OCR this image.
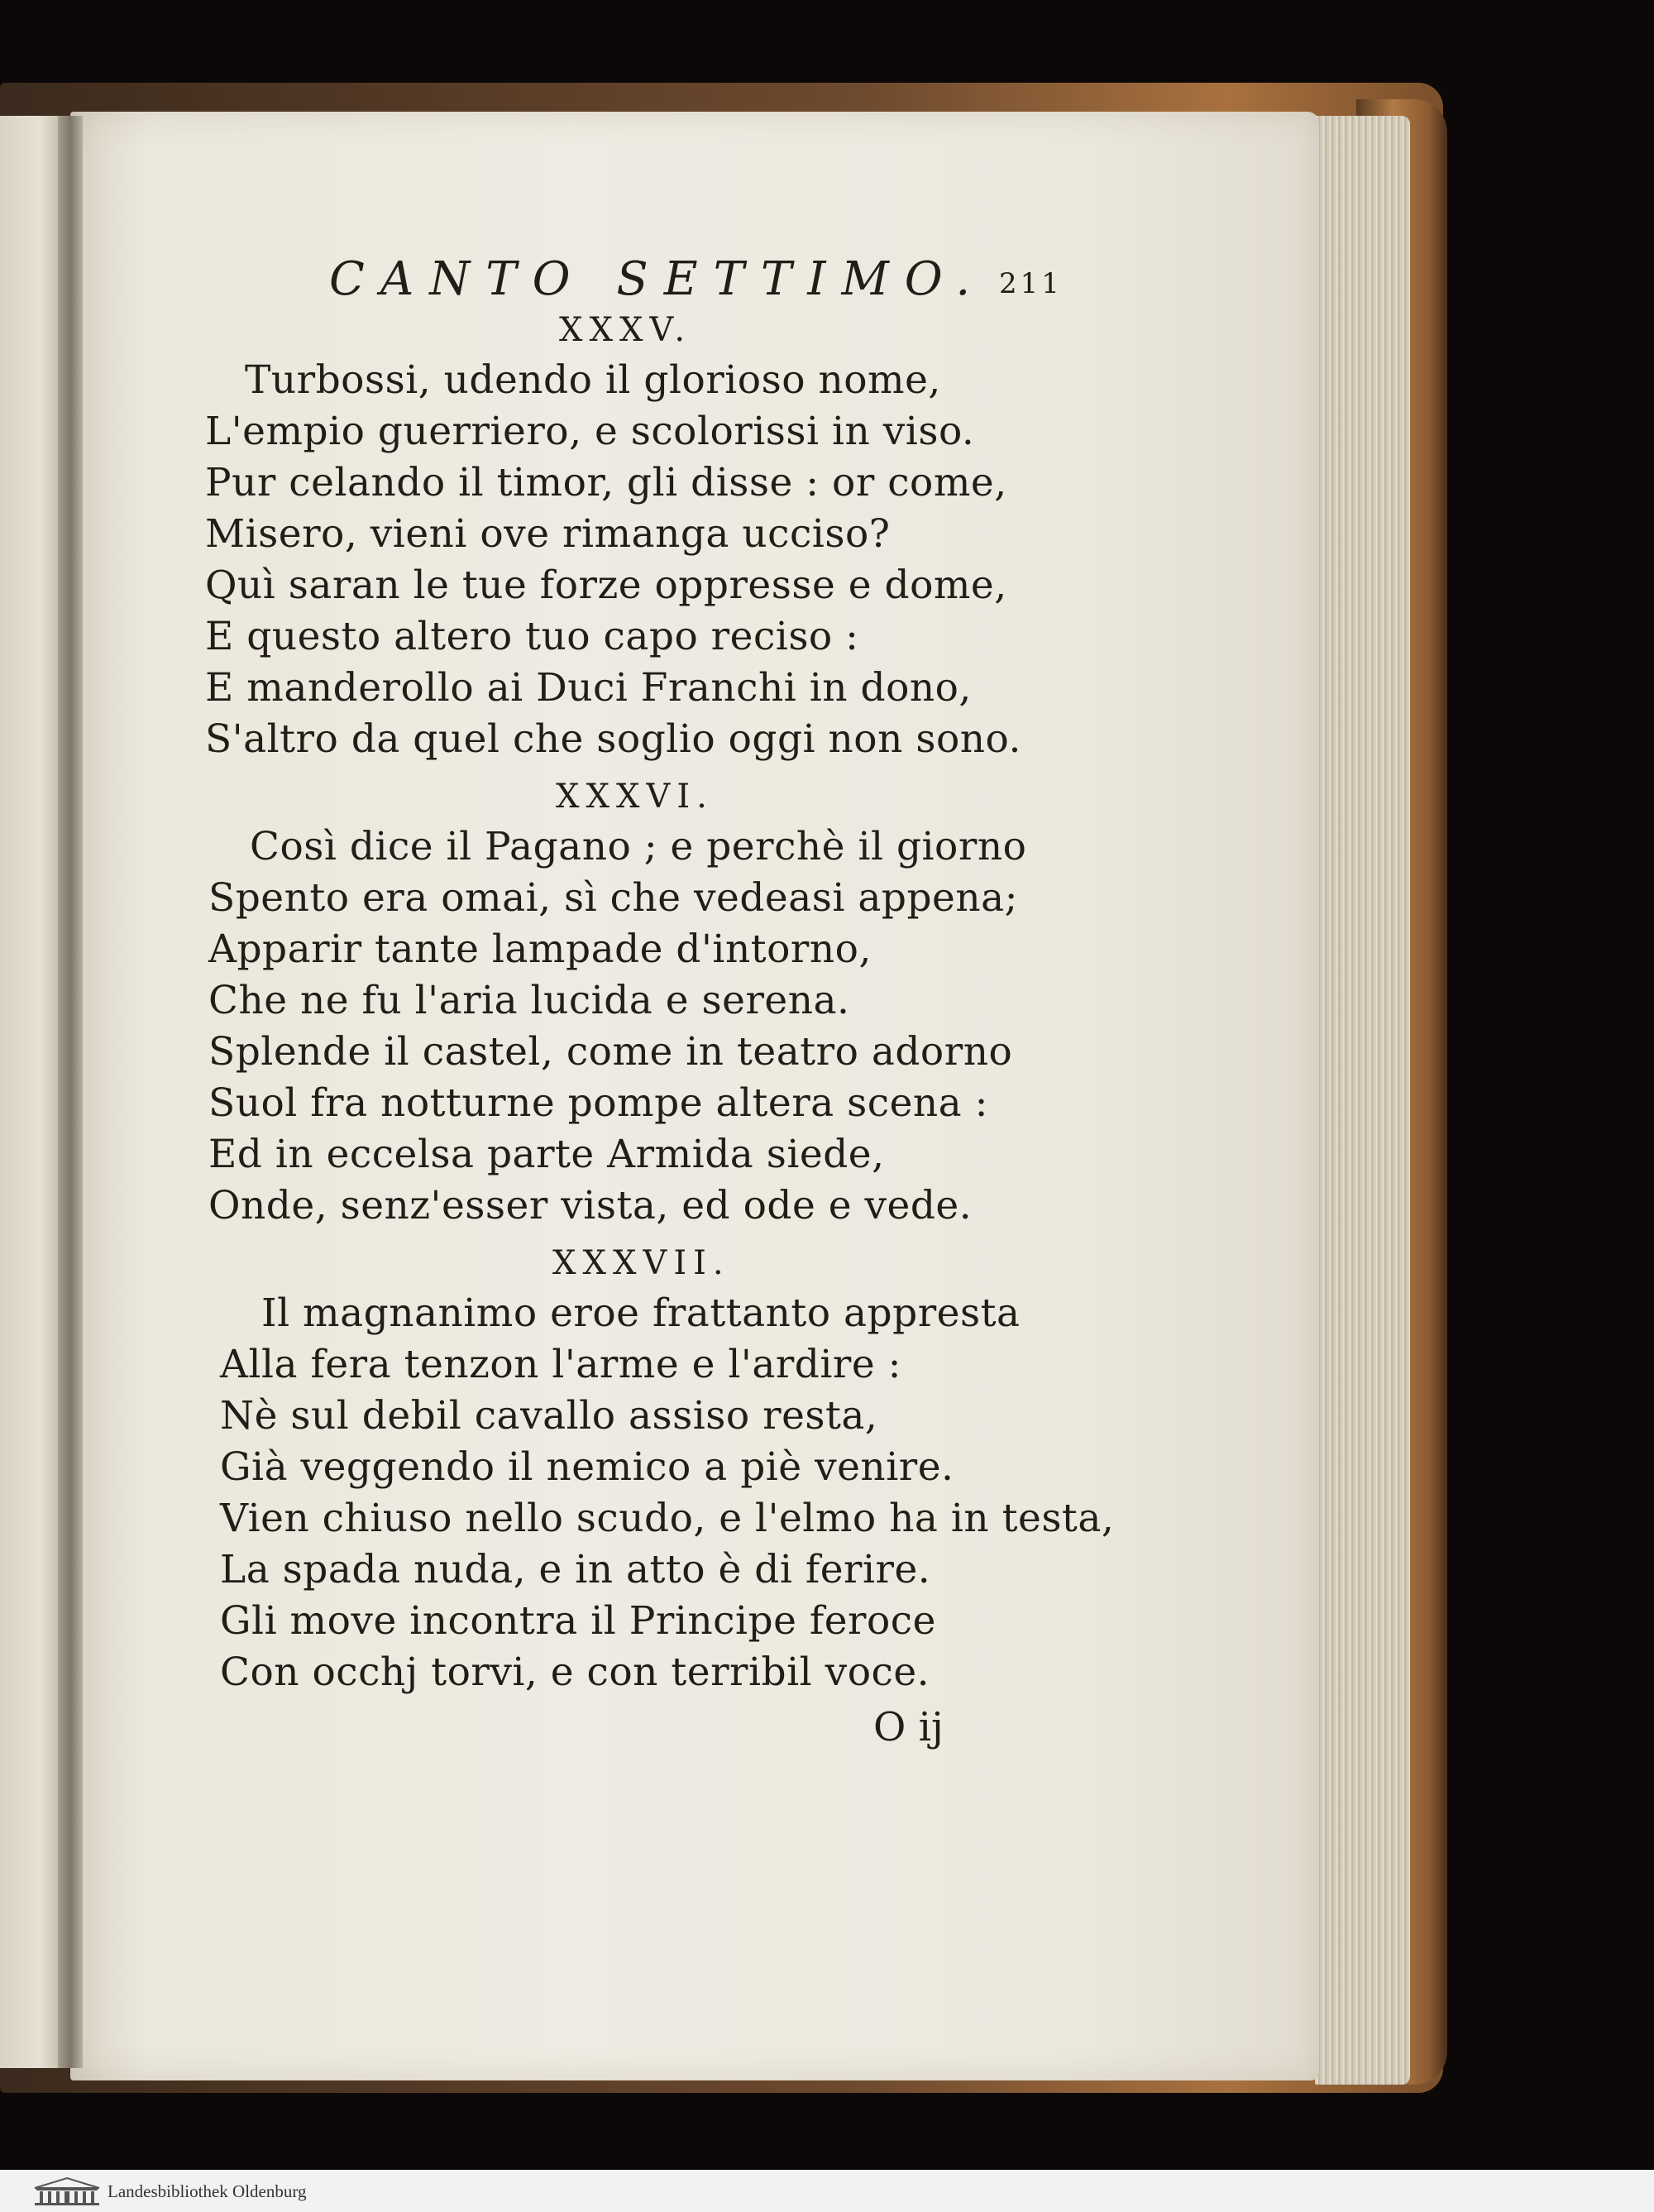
CANTO SETTIMO. 211
XXXV.
Turbossi, udendo il glorioso nome,
L'empio guerriero, e scolorissi in viso.
Pur celando il timor, gli disse : or come,
Misero, vieni ove rimanga ucciso?
Quì saran le tue forze oppresse e dome,
E questo altero tuo capo reciso :
E manderollo ai Duci Franchi in dono,
S'altro da quel che soglio oggi non sono.
XXXVI.
Così dice il Pagano ; e perchè il giorno
Spento era omai, sì che vedeasi appena;
Apparir tante lampade d'intorno,
Che ne fu l'aria lucida e serena.
Splende il castel, come in teatro adorno
Suol fra notturne pompe altera scena :
Ed in eccelsa parte Armida siede,
Onde, senz'esser vista, ed ode e vede.
XXXVII.
Il magnanimo eroe frattanto appresta
Alla fera tenzon l'arme e l'ardire :
Nè sul debil cavallo assiso resta,
Già veggendo il nemico a piè venire.
Vien chiuso nello scudo, e l'elmo ha in testa,
La spada nuda, e in atto è di ferire.
Gli move incontra il Principe feroce
Con occhj torvi, e con terribil voce.
O ij
Landesbibliothek Oldenburg
